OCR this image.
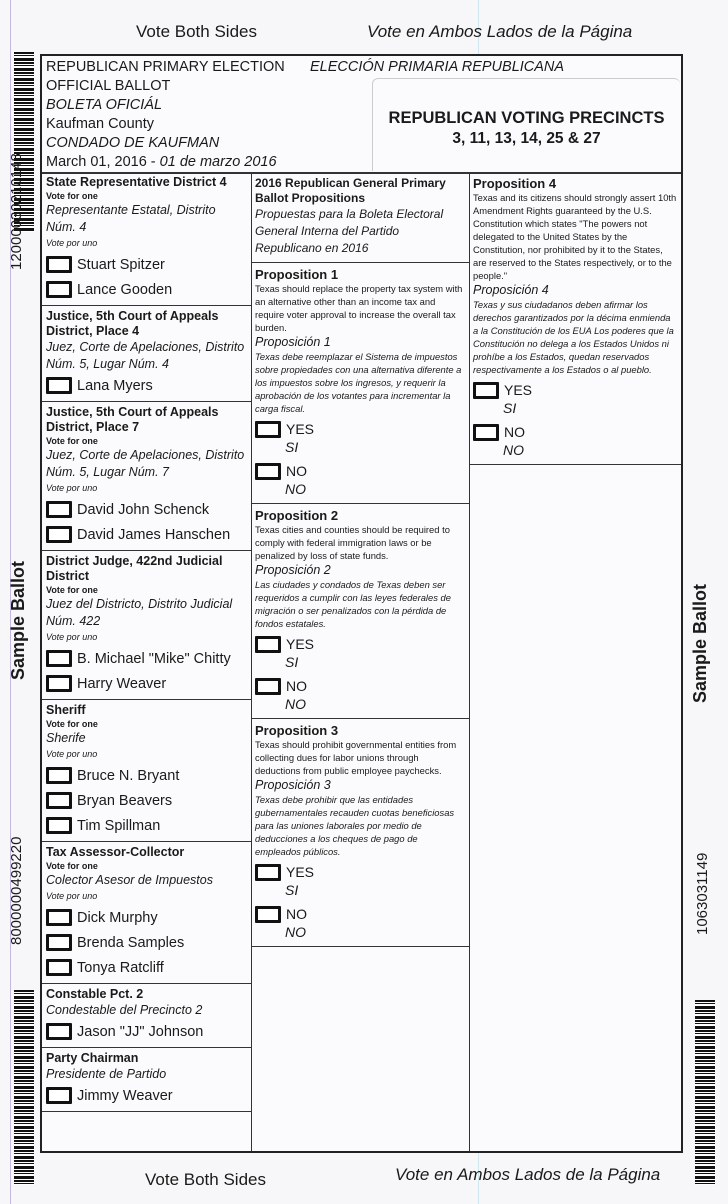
Vote Both Sides	Vote en Ambos Lados de la Página
12000030210148
Sample Ballot
8000000499220
Sample Ballot
1063031149
REPUBLICAN PRIMARY ELECTION ELECCIÓN PRIMARIA REPUBLICANA
OFFICIAL BALLOT
BOLETA OFICIÁL
Kaufman County
CONDADO DE KAUFMAN
March 01, 2016 - 01 de marzo 2016
REPUBLICAN VOTING PRECINCTS
3, 11, 13, 14, 25 & 27
State Representative District 4
Vote for one
Representante Estatal, Distrito Núm. 4
Vote por uno
Stuart Spitzer
Lance Gooden
Justice, 5th Court of Appeals District, Place 4
Juez, Corte de Apelaciones, Distrito Núm. 5, Lugar Núm. 4
Lana Myers
Justice, 5th Court of Appeals District, Place 7
Vote for one
Juez, Corte de Apelaciones, Distrito Núm. 5, Lugar Núm. 7
Vote por uno
David John Schenck
David James Hanschen
District Judge, 422nd Judicial District
Vote for one
Juez del Districto, Distrito Judicial Núm. 422
Vote por uno
B. Michael "Mike" Chitty
Harry Weaver
Sheriff
Vote for one
Sherife
Vote por uno
Bruce N. Bryant
Bryan Beavers
Tim Spillman
Tax Assessor-Collector
Vote for one
Colector Asesor de Impuestos
Vote por uno
Dick Murphy
Brenda Samples
Tonya Ratcliff
Constable Pct. 2
Condestable del Precincto 2
Jason "JJ" Johnson
Party Chairman
Presidente de Partido
Jimmy Weaver
2016 Republican General Primary Ballot Propositions
Propuestas para la Boleta Electoral General Interna del Partido Republicano en 2016
Proposition 1
Texas should replace the property tax system with an alternative other than an income tax and require voter approval to increase the overall tax burden.
Proposición 1
Texas debe reemplazar el Sistema de impuestos sobre propiedades con una alternativa diferente a los impuestos sobre los ingresos, y requerir la aprobación de los votantes para incrementar la carga fiscal.
YES
SI
NO
NO
Proposition 2
Texas cities and counties should be required to comply with federal immigration laws or be penalized by loss of state funds.
Proposición 2
Las ciudades y condados de Texas deben ser requeridos a cumplir con las leyes federales de migración o ser penalizados con la pérdida de fondos estatales.
YES
SI
NO
NO
Proposition 3
Texas should prohibit governmental entities from collecting dues for labor unions through deductions from public employee paychecks.
Proposición 3
Texas debe prohibir que las entidades gubernamentales recauden cuotas beneficiosas para las uniones laborales por medio de deducciones a los cheques de pago de empleados públicos.
YES
SI
NO
NO
Proposition 4
Texas and its citizens should strongly assert 10th Amendment Rights guaranteed by the U.S. Constitution which states "The powers not delegated to the United States by the Constitution, nor prohibited by it to the States, are reserved to the States respectively, or to the people."
Proposición 4
Texas y sus ciudadanos deben afirmar los derechos garantizados por la décima enmienda a la Constitución de los EUA Los poderes que la Constitución no delega a los Estados Unidos ni prohíbe a los Estados, quedan reservados respectivamente a los Estados o al pueblo.
YES
SI
NO
NO
Vote Both Sides	Vote en Ambos Lados de la Página
